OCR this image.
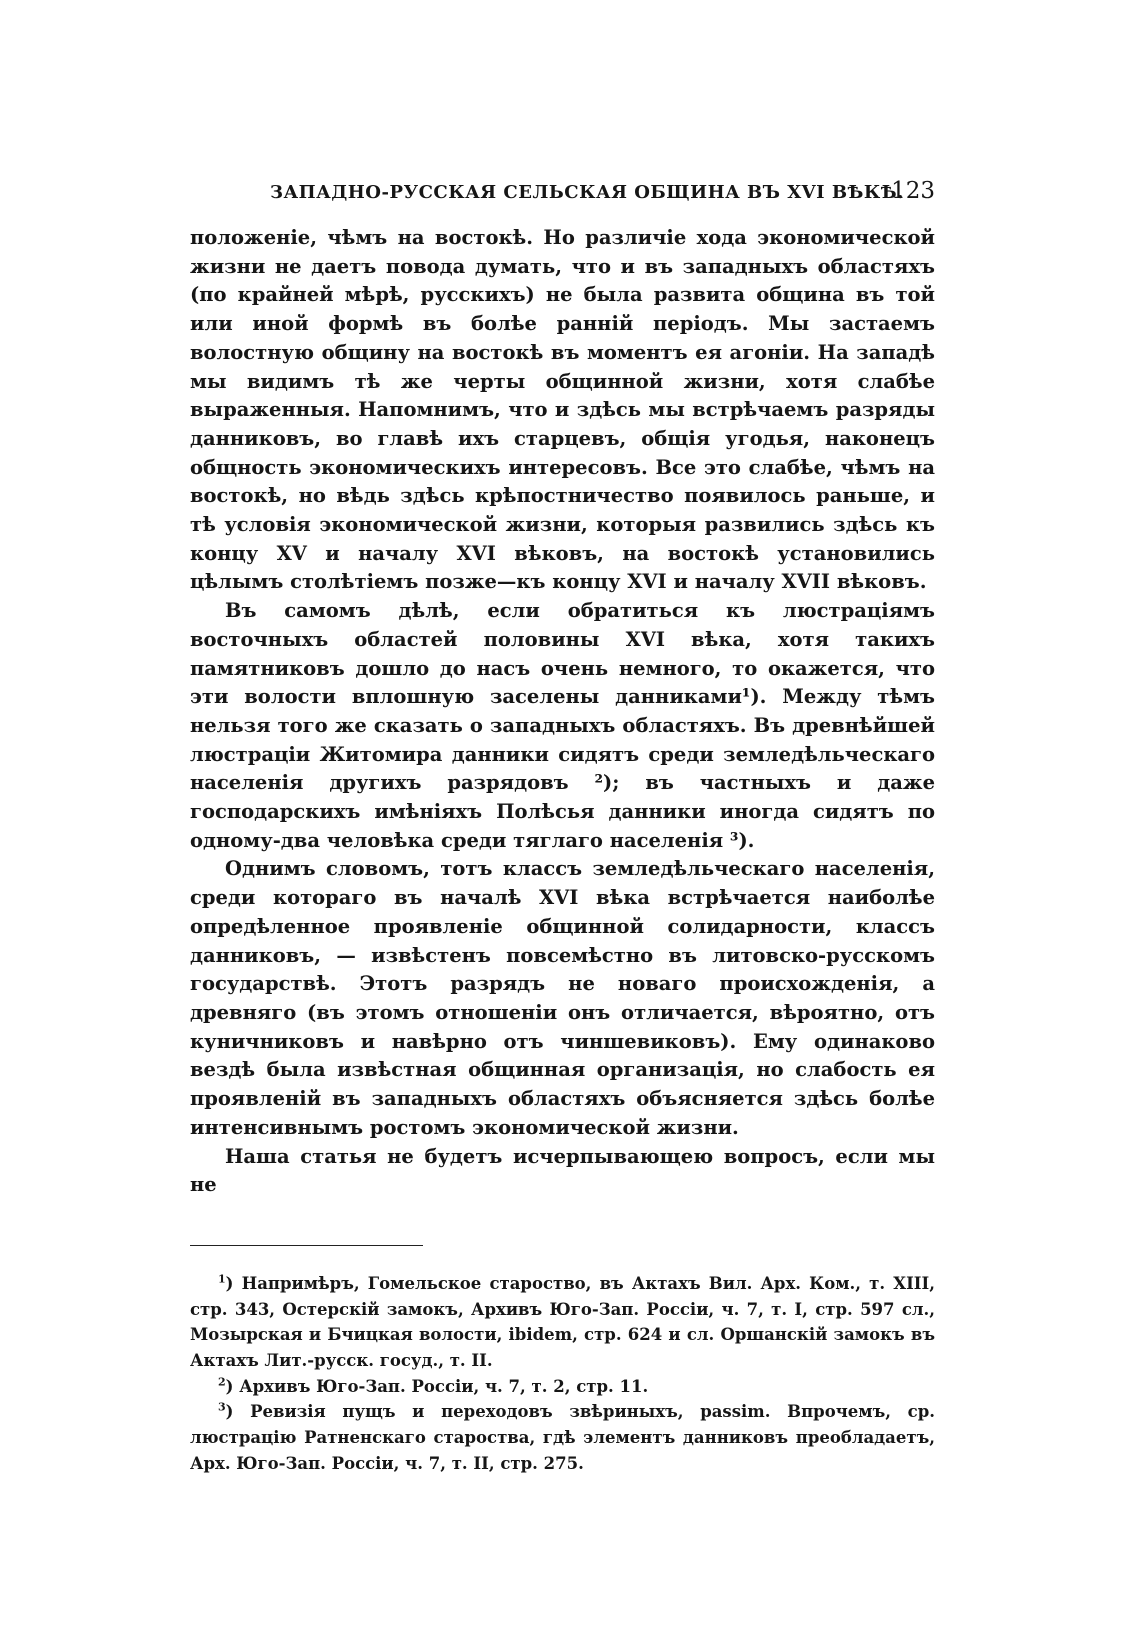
ЗАПАДНО-РУССКАЯ СЕЛЬСКАЯ ОБЩИНА ВЪ XVI ВѢКѢ.
123

положеніе, чѣмъ на востокѣ. Но различіе хода экономической жизни не даетъ повода думать, что и въ западныхъ областяхъ (по крайней мѣрѣ, русскихъ) не была развита община въ той или иной формѣ въ болѣе ранній періодъ. Мы застаемъ волостную общину на востокѣ въ моментъ ея агоніи. На западѣ мы видимъ тѣ же черты общинной жизни, хотя слабѣе выраженныя. Напомнимъ, что и здѣсь мы встрѣчаемъ разряды данниковъ, во главѣ ихъ старцевъ, общія угодья, наконецъ общность экономическихъ интересовъ. Все это слабѣе, чѣмъ на востокѣ, но вѣдь здѣсь крѣпостничество появилось раньше, и тѣ условія экономической жизни, которыя развились здѣсь къ концу XV и началу XVI вѣковъ, на востокѣ установились цѣлымъ столѣтіемъ позже—къ концу XVI и началу XVII вѣковъ.

Въ самомъ дѣлѣ, если обратиться къ люстраціямъ восточныхъ областей половины XVI вѣка, хотя такихъ памятниковъ дошло до насъ очень немного, то окажется, что эти волости вплошную заселены данниками¹). Между тѣмъ нельзя того же сказать о западныхъ областяхъ. Въ древнѣйшей люстраціи Житомира данники сидятъ среди земледѣльческаго населенія другихъ разрядовъ ²); въ частныхъ и даже господарскихъ имѣніяхъ Полѣсья данники иногда сидятъ по одному-два человѣка среди тяглаго населенія ³).

Однимъ словомъ, тотъ классъ земледѣльческаго населенія, среди котораго въ началѣ XVI вѣка встрѣчается наиболѣе опредѣленное проявленіе общинной солидарности, классъ данниковъ, — извѣстенъ повсемѣстно въ литовско-русскомъ государствѣ. Этотъ разрядъ не новаго происхожденія, а древняго (въ этомъ отношеніи онъ отличается, вѣроятно, отъ куничниковъ и навѣрно отъ чиншевиковъ). Ему одинаково вездѣ была извѣстная общинная организація, но слабость ея проявленій въ западныхъ областяхъ объясняется здѣсь болѣе интенсивнымъ ростомъ экономической жизни.

Наша статья не будетъ исчерпывающею вопросъ, если мы не

$^1$) Напримѣръ, Гомельское староство, въ Актахъ Вил. Арх. Ком., т. XIII, стр. 343, Остерскій замокъ, Архивъ Юго-Зап. Россіи, ч. 7, т. I, стр. 597 сл., Мозырская и Бчицкая волости, ibidem, стр. 624 и сл. Оршанскій замокъ въ Актахъ Лит.-русск. госуд., т. II.

$^2$) Архивъ Юго-Зап. Россіи, ч. 7, т. 2, стр. 11.

$^3$) Ревизія пущъ и переходовъ звѣриныхъ, passim. Впрочемъ, ср. люстрацію Ратненскаго староства, гдѣ элементъ данниковъ преобладаетъ, Арх. Юго-Зап. Россіи, ч. 7, т. II, стр. 275.
